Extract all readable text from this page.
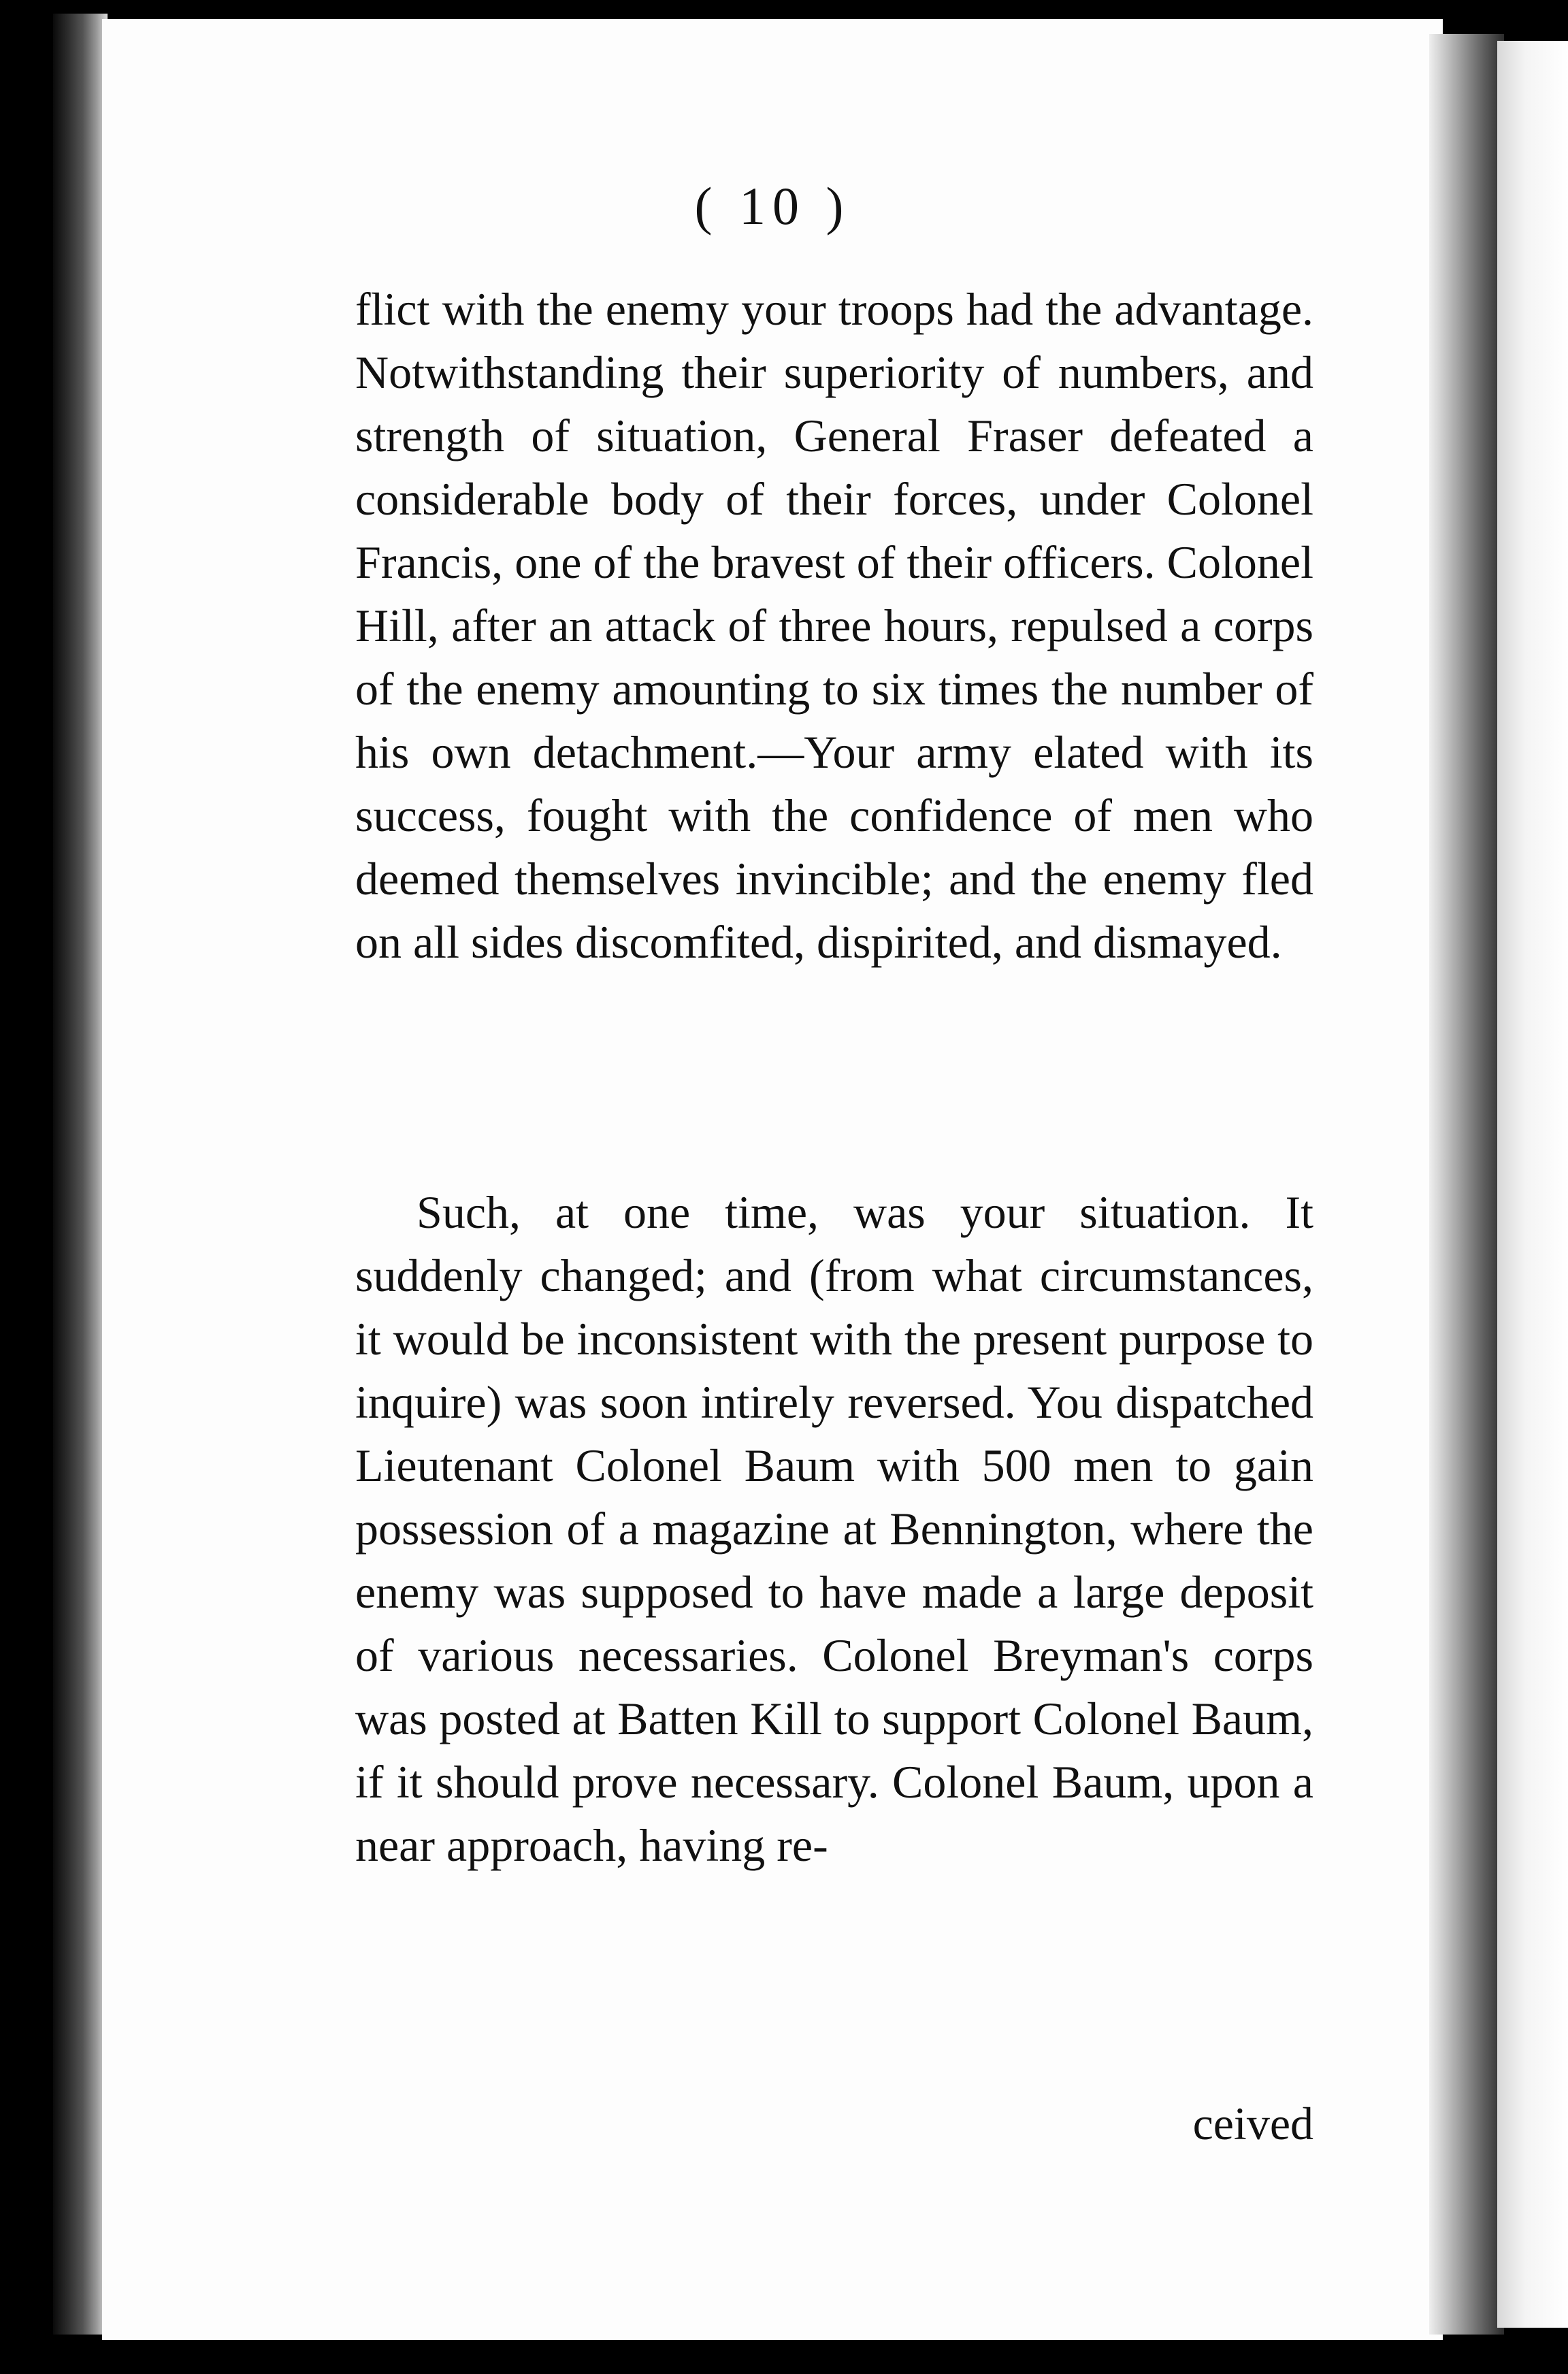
( 10 )

flict with the enemy your troops had the advantage. Notwithstanding their superiority of numbers, and strength of situation, General Fraser defeated a considerable body of their forces, under Colonel Francis, one of the bravest of their officers. Colonel Hill, after an attack of three hours, repulsed a corps of the enemy amounting to six times the number of his own detachment.—Your army elated with its success, fought with the confidence of men who deemed themselves invincible; and the enemy fled on all sides discomfited, dispirited, and dismayed.

Such, at one time, was your situation. It suddenly changed; and (from what circumstances, it would be inconsistent with the present purpose to inquire) was soon intirely reversed. You dispatched Lieutenant Colonel Baum with 500 men to gain possession of a magazine at Bennington, where the enemy was supposed to have made a large deposit of various necessaries. Colonel Breyman's corps was posted at Batten Kill to support Colonel Baum, if it should prove necessary. Colonel Baum, upon a near approach, having re-

ceived
